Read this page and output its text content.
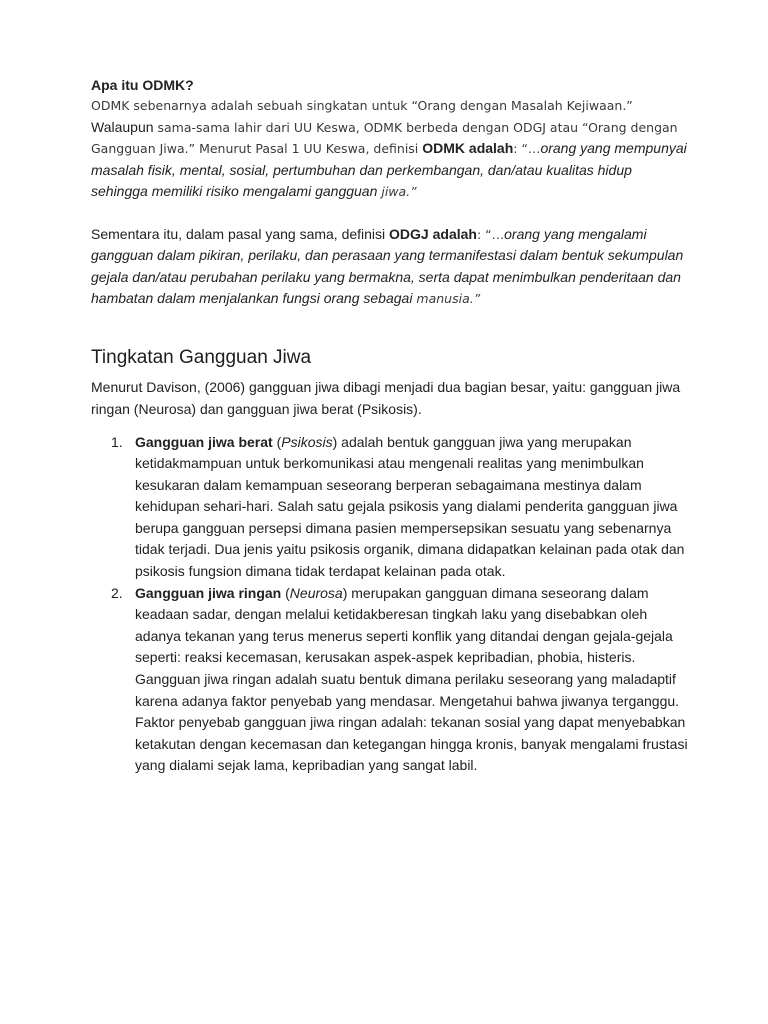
Apa itu ODMK?

ODMK sebenarnya adalah sebuah singkatan untuk “Orang dengan Masalah Kejiwaan.” Walaupun sama-sama lahir dari UU Keswa, ODMK berbeda dengan ODGJ atau “Orang dengan Gangguan Jiwa.” Menurut Pasal 1 UU Keswa, definisi ODMK adalah: “…orang yang mempunyai masalah fisik, mental, sosial, pertumbuhan dan perkembangan, dan/atau kualitas hidup sehingga memiliki risiko mengalami gangguan jiwa.”

Sementara itu, dalam pasal yang sama, definisi ODGJ adalah: “…orang yang mengalami gangguan dalam pikiran, perilaku, dan perasaan yang termanifestasi dalam bentuk sekumpulan gejala dan/atau perubahan perilaku yang bermakna, serta dapat menimbulkan penderitaan dan hambatan dalam menjalankan fungsi orang sebagai manusia.”

Tingkatan Gangguan Jiwa

Menurut Davison, (2006) gangguan jiwa dibagi menjadi dua bagian besar, yaitu: gangguan jiwa ringan (Neurosa) dan gangguan jiwa berat (Psikosis).

1. Gangguan jiwa berat (Psikosis) adalah bentuk gangguan jiwa yang merupakan ketidakmampuan untuk berkomunikasi atau mengenali realitas yang menimbulkan kesukaran dalam kemampuan seseorang berperan sebagaimana mestinya dalam kehidupan sehari-hari. Salah satu gejala psikosis yang dialami penderita gangguan jiwa berupa gangguan persepsi dimana pasien mempersepsikan sesuatu yang sebenarnya tidak terjadi. Dua jenis yaitu psikosis organik, dimana didapatkan kelainan pada otak dan psikosis fungsion dimana tidak terdapat kelainan pada otak.
2. Gangguan jiwa ringan (Neurosa) merupakan gangguan dimana seseorang dalam keadaan sadar, dengan melalui ketidakberesan tingkah laku yang disebabkan oleh adanya tekanan yang terus menerus seperti konflik yang ditandai dengan gejala-gejala seperti: reaksi kecemasan, kerusakan aspek-aspek kepribadian, phobia, histeris. Gangguan jiwa ringan adalah suatu bentuk dimana perilaku seseorang yang maladaptif karena adanya faktor penyebab yang mendasar. Mengetahui bahwa jiwanya terganggu. Faktor penyebab gangguan jiwa ringan adalah: tekanan sosial yang dapat menyebabkan ketakutan dengan kecemasan dan ketegangan hingga kronis, banyak mengalami frustasi yang dialami sejak lama, kepribadian yang sangat labil.
